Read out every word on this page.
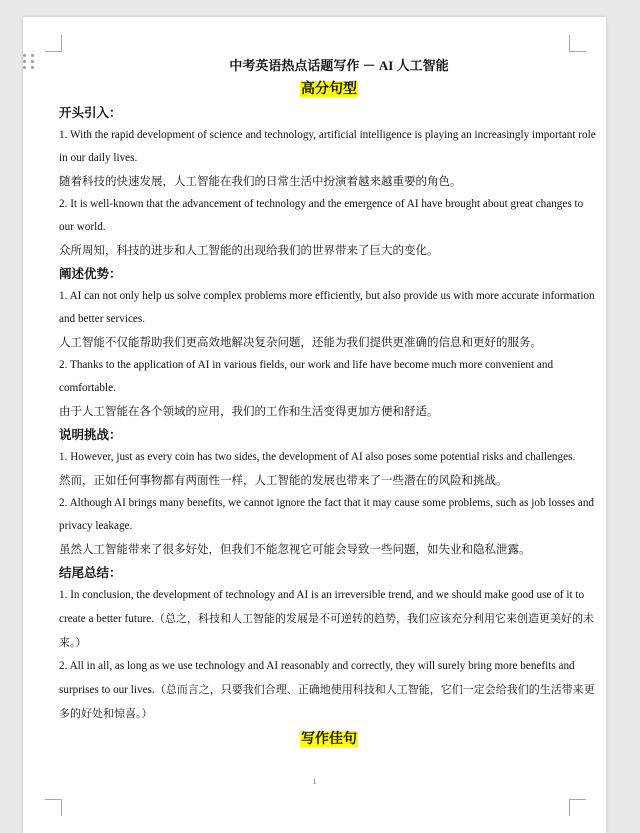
中考英语热点话题写作 － AI 人工智能
高分句型
开头引入：
1. With the rapid development of science and technology, artificial intelligence is playing an increasingly important role in our daily lives.
随着科技的快速发展，人工智能在我们的日常生活中扮演着越来越重要的角色。
2. It is well-known that the advancement of technology and the emergence of AI have brought about great changes to our world.
众所周知，科技的进步和人工智能的出现给我们的世界带来了巨大的变化。
阐述优势：
1. AI can not only help us solve complex problems more efficiently, but also provide us with more accurate information and better services.
人工智能不仅能帮助我们更高效地解决复杂问题，还能为我们提供更准确的信息和更好的服务。
2. Thanks to the application of AI in various fields, our work and life have become much more convenient and comfortable.
由于人工智能在各个领域的应用，我们的工作和生活变得更加方便和舒适。
说明挑战：
1. However, just as every coin has two sides, the development of AI also poses some potential risks and challenges.
然而，正如任何事物都有两面性一样，人工智能的发展也带来了一些潜在的风险和挑战。
2. Although AI brings many benefits, we cannot ignore the fact that it may cause some problems, such as job losses and privacy leakage.
虽然人工智能带来了很多好处，但我们不能忽视它可能会导致一些问题，如失业和隐私泄露。
结尾总结：
1. In conclusion, the development of technology and AI is an irreversible trend, and we should make good use of it to create a better future.（总之，科技和人工智能的发展是不可逆转的趋势，我们应该充分利用它来创造更美好的未来。）
2. All in all, as long as we use technology and AI reasonably and correctly, they will surely bring more benefits and surprises to our lives.（总而言之，只要我们合理、正确地使用科技和人工智能，它们一定会给我们的生活带来更多的好处和惊喜。）
写作佳句
1
